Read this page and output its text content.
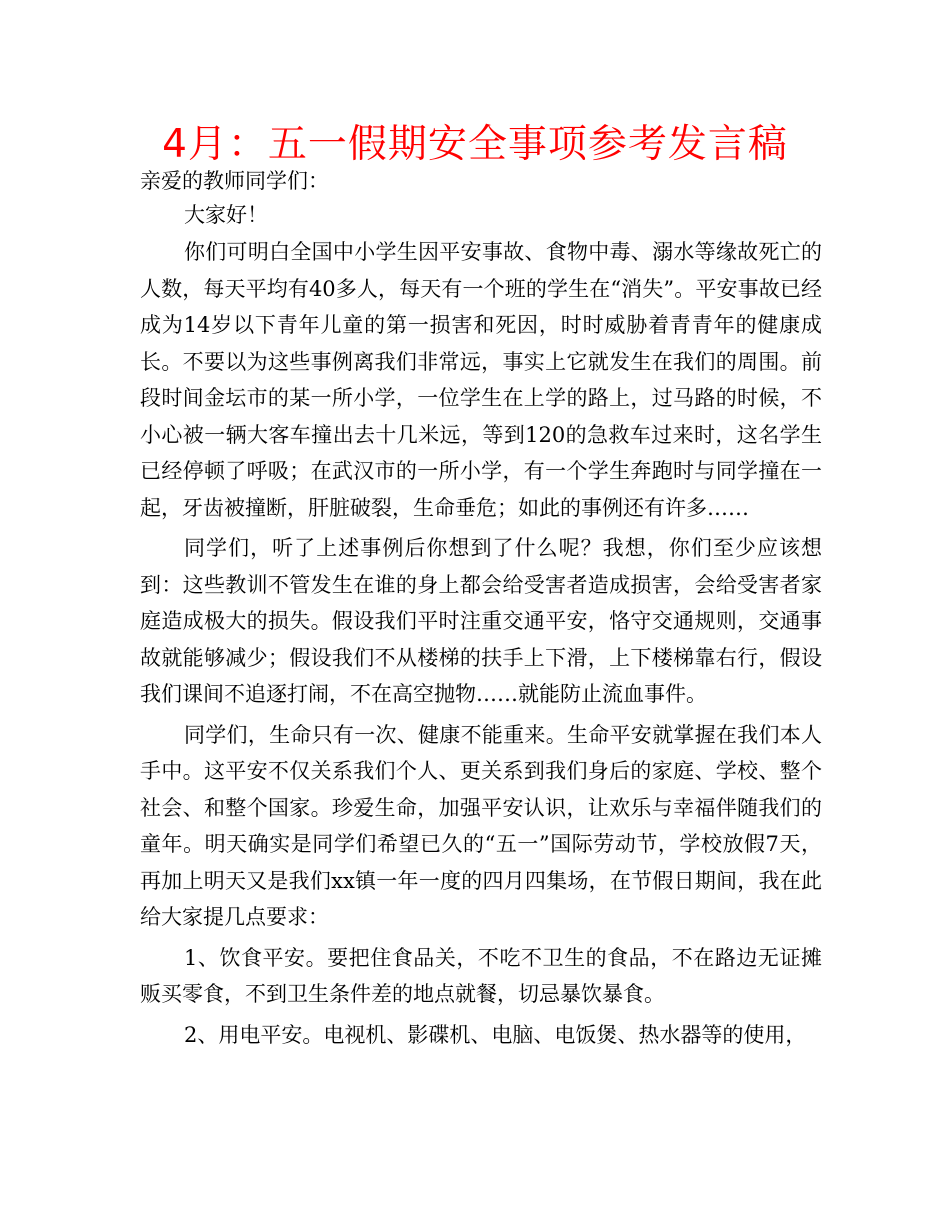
4月：五一假期安全事项参考发言稿

亲爱的教师同学们：

大家好！

你们可明白全国中小学生因平安事故、食物中毒、溺水等缘故死亡的人数，每天平均有40多人，每天有一个班的学生在“消失”。平安事故已经成为14岁以下青年儿童的第一损害和死因，时时威胁着青青年的健康成长。不要以为这些事例离我们非常远，事实上它就发生在我们的周围。前段时间金坛市的某一所小学，一位学生在上学的路上，过马路的时候，不小心被一辆大客车撞出去十几米远，等到120的急救车过来时，这名学生已经停顿了呼吸；在武汉市的一所小学，有一个学生奔跑时与同学撞在一起，牙齿被撞断，肝脏破裂，生命垂危；如此的事例还有许多……

同学们，听了上述事例后你想到了什么呢？我想，你们至少应该想到：这些教训不管发生在谁的身上都会给受害者造成损害，会给受害者家庭造成极大的损失。假设我们平时注重交通平安，恪守交通规则，交通事故就能够减少；假设我们不从楼梯的扶手上下滑，上下楼梯靠右行，假设我们课间不追逐打闹，不在高空抛物……就能防止流血事件。

同学们，生命只有一次、健康不能重来。生命平安就掌握在我们本人手中。这平安不仅关系我们个人、更关系到我们身后的家庭、学校、整个社会、和整个国家。珍爱生命，加强平安认识，让欢乐与幸福伴随我们的童年。明天确实是同学们希望已久的“五一”国际劳动节，学校放假7天，再加上明天又是我们xx镇一年一度的四月四集场，在节假日期间，我在此给大家提几点要求：

1、饮食平安。要把住食品关，不吃不卫生的食品，不在路边无证摊贩买零食，不到卫生条件差的地点就餐，切忌暴饮暴食。

2、用电平安。电视机、影碟机、电脑、电饭煲、热水器等的使用，
